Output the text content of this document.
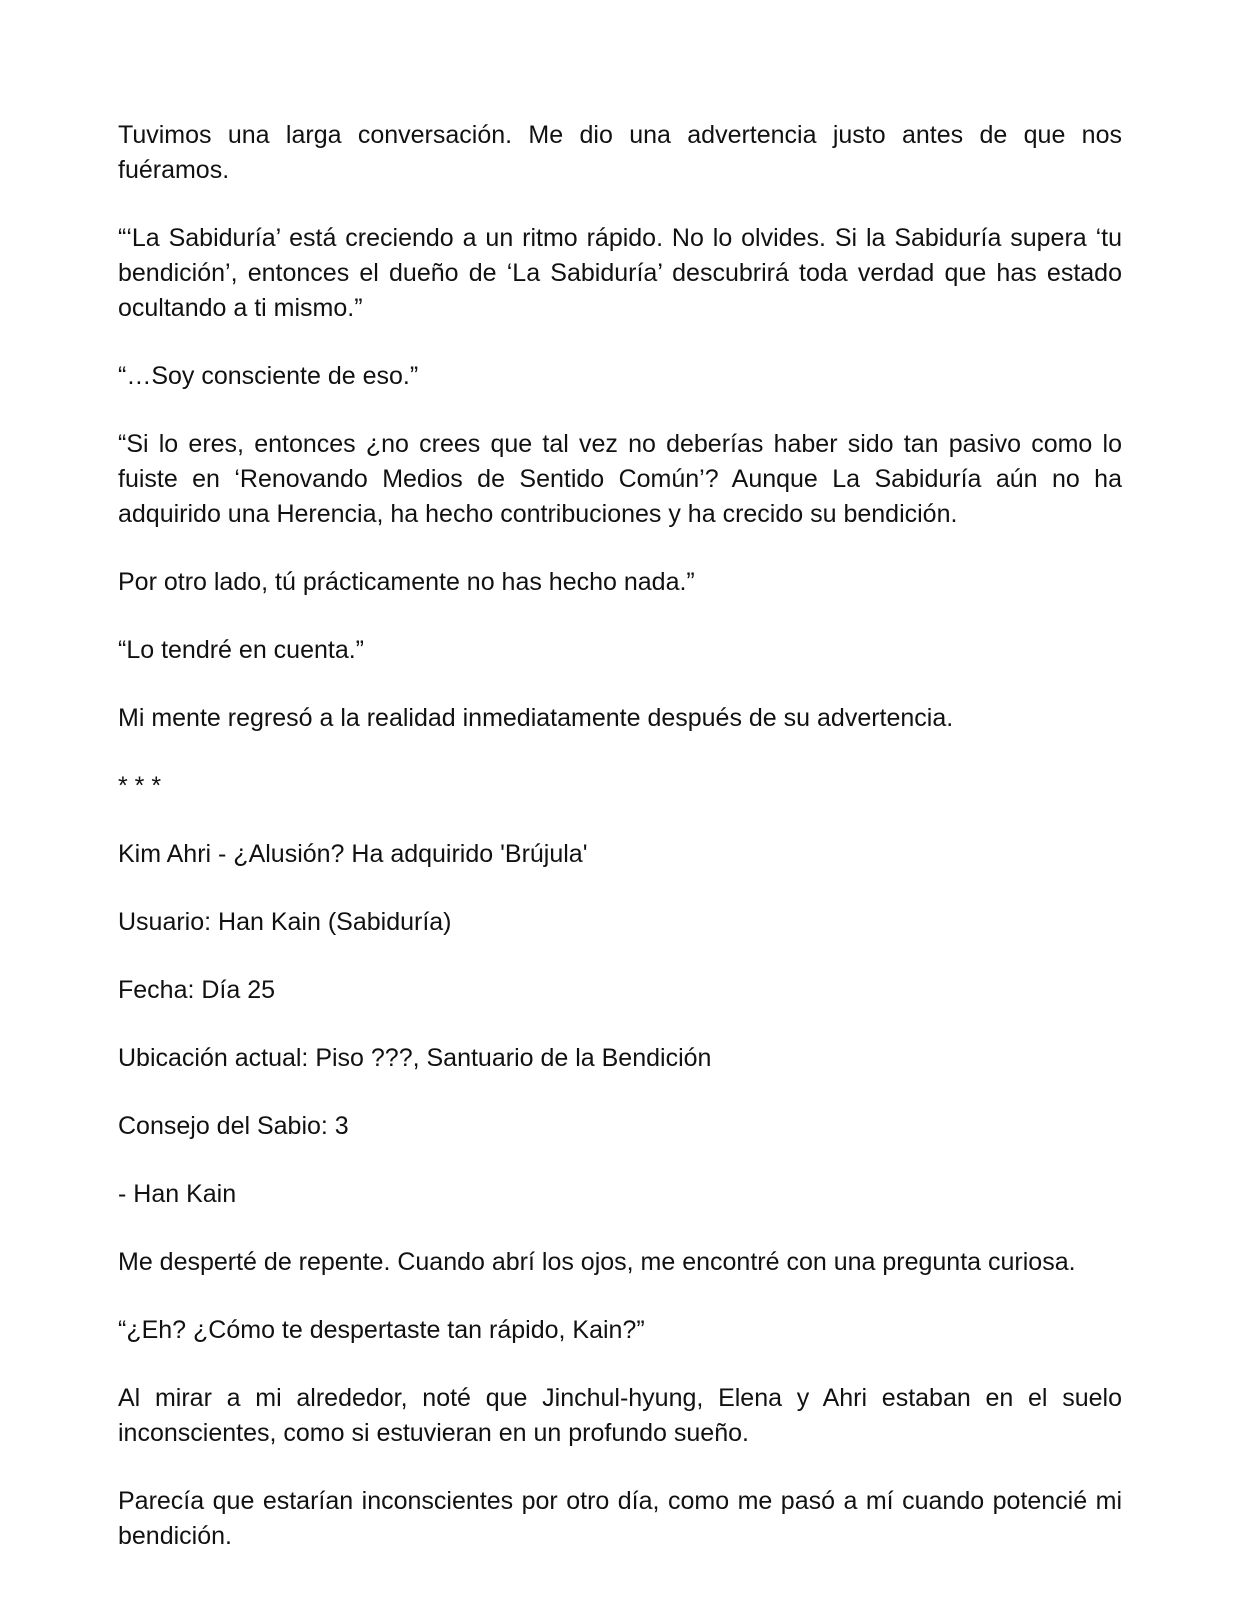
Tuvimos una larga conversación. Me dio una advertencia justo antes de que nos fuéramos.

“‘La Sabiduría’ está creciendo a un ritmo rápido. No lo olvides. Si la Sabiduría supera ‘tu bendición’, entonces el dueño de ‘La Sabiduría’ descubrirá toda verdad que has estado ocultando a ti mismo.”

“…Soy consciente de eso.”

“Si lo eres, entonces ¿no crees que tal vez no deberías haber sido tan pasivo como lo fuiste en ‘Renovando Medios de Sentido Común’? Aunque La Sabiduría aún no ha adquirido una Herencia, ha hecho contribuciones y ha crecido su bendición.

Por otro lado, tú prácticamente no has hecho nada.”

“Lo tendré en cuenta.”

Mi mente regresó a la realidad inmediatamente después de su advertencia.

* * *

Kim Ahri - ¿Alusión? Ha adquirido 'Brújula'

Usuario: Han Kain (Sabiduría)

Fecha: Día 25

Ubicación actual: Piso ???, Santuario de la Bendición

Consejo del Sabio: 3

- Han Kain

Me desperté de repente. Cuando abrí los ojos, me encontré con una pregunta curiosa.

“¿Eh? ¿Cómo te despertaste tan rápido, Kain?”

Al mirar a mi alrededor, noté que Jinchul-hyung, Elena y Ahri estaban en el suelo inconscientes, como si estuvieran en un profundo sueño.

Parecía que estarían inconscientes por otro día, como me pasó a mí cuando potencié mi bendición.
